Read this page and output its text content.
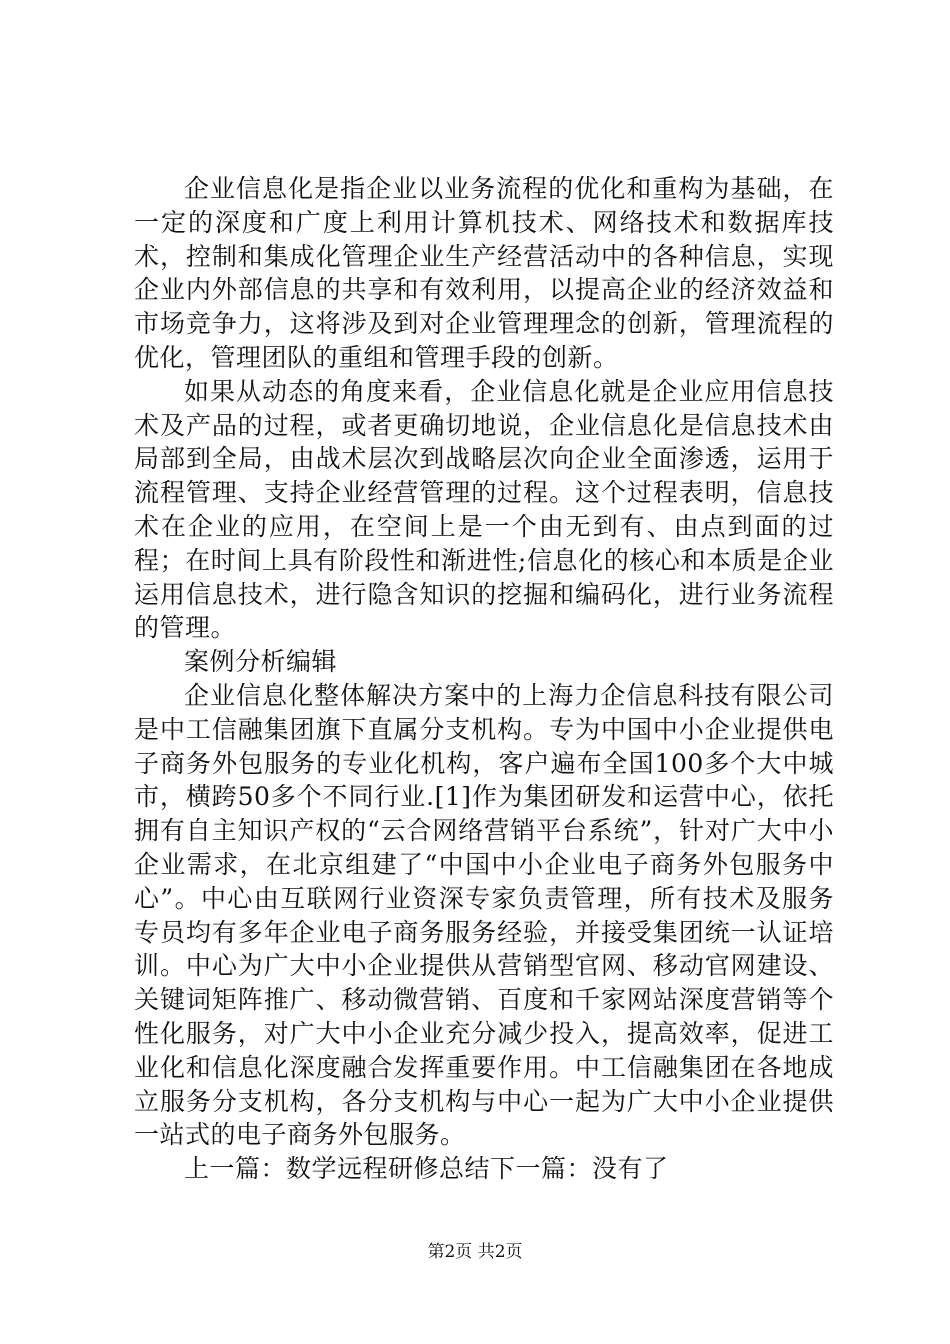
企业信息化是指企业以业务流程的优化和重构为基础，在一定的深度和广度上利用计算机技术、网络技术和数据库技术，控制和集成化管理企业生产经营活动中的各种信息，实现企业内外部信息的共享和有效利用，以提高企业的经济效益和市场竞争力，这将涉及到对企业管理理念的创新，管理流程的优化，管理团队的重组和管理手段的创新。

如果从动态的角度来看，企业信息化就是企业应用信息技术及产品的过程，或者更确切地说，企业信息化是信息技术由局部到全局，由战术层次到战略层次向企业全面渗透，运用于流程管理、支持企业经营管理的过程。这个过程表明，信息技术在企业的应用，在空间上是一个由无到有、由点到面的过程；在时间上具有阶段性和渐进性;信息化的核心和本质是企业运用信息技术，进行隐含知识的挖掘和编码化，进行业务流程的管理。

案例分析编辑

企业信息化整体解决方案中的上海力企信息科技有限公司是中工信融集团旗下直属分支机构。专为中国中小企业提供电子商务外包服务的专业化机构，客户遍布全国100多个大中城市，横跨50多个不同行业.[1]作为集团研发和运营中心，依托拥有自主知识产权的“云合网络营销平台系统”，针对广大中小企业需求，在北京组建了“中国中小企业电子商务外包服务中心”。中心由互联网行业资深专家负责管理，所有技术及服务专员均有多年企业电子商务服务经验，并接受集团统一认证培训。中心为广大中小企业提供从营销型官网、移动官网建设、关键词矩阵推广、移动微营销、百度和千家网站深度营销等个性化服务，对广大中小企业充分减少投入，提高效率，促进工业化和信息化深度融合发挥重要作用。中工信融集团在各地成立服务分支机构，各分支机构与中心一起为广大中小企业提供一站式的电子商务外包服务。

上一篇：数学远程研修总结下一篇：没有了

第2页 共2页
